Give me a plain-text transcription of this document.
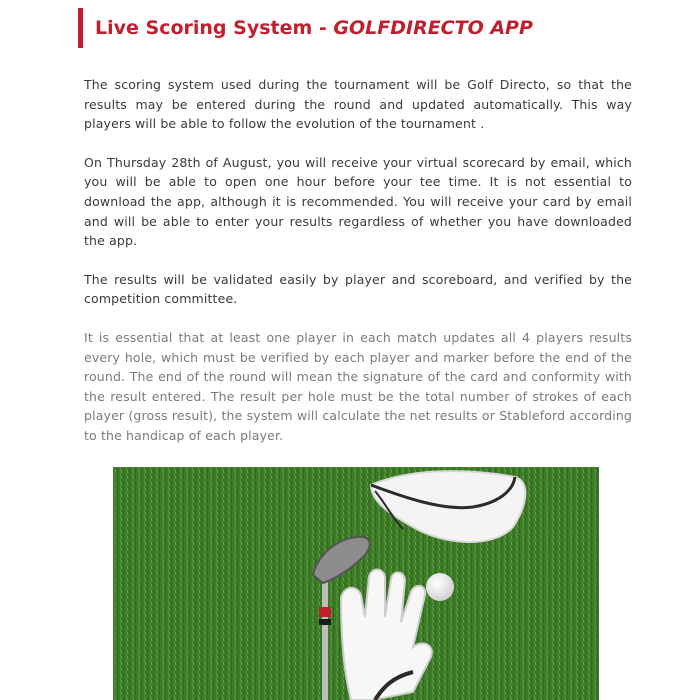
Live Scoring System - GOLFDIRECTO APP

The scoring system used during the tournament will be Golf Directo, so that the results may be entered during the round and updated automatically. This way players will be able to follow the evolution of the tournament .

On Thursday 28th of August, you will receive your virtual scorecard by email, which you will be able to open one hour before your tee time. It is not essential to download the app, although it is recommended. You will receive your card by email and will be able to enter your results regardless of whether you have downloaded the app.

The results will be validated easily by player and scoreboard, and verified by the competition committee.

It is essential that at least one player in each match updates all 4 players results every hole, which must be verified by each player and marker before the end of the round. The end of the round will mean the signature of the card and conformity with the result entered. The result per hole must be the total number of strokes of each player (gross result), the system will calculate the net results or Stableford according to the handicap of each player.
